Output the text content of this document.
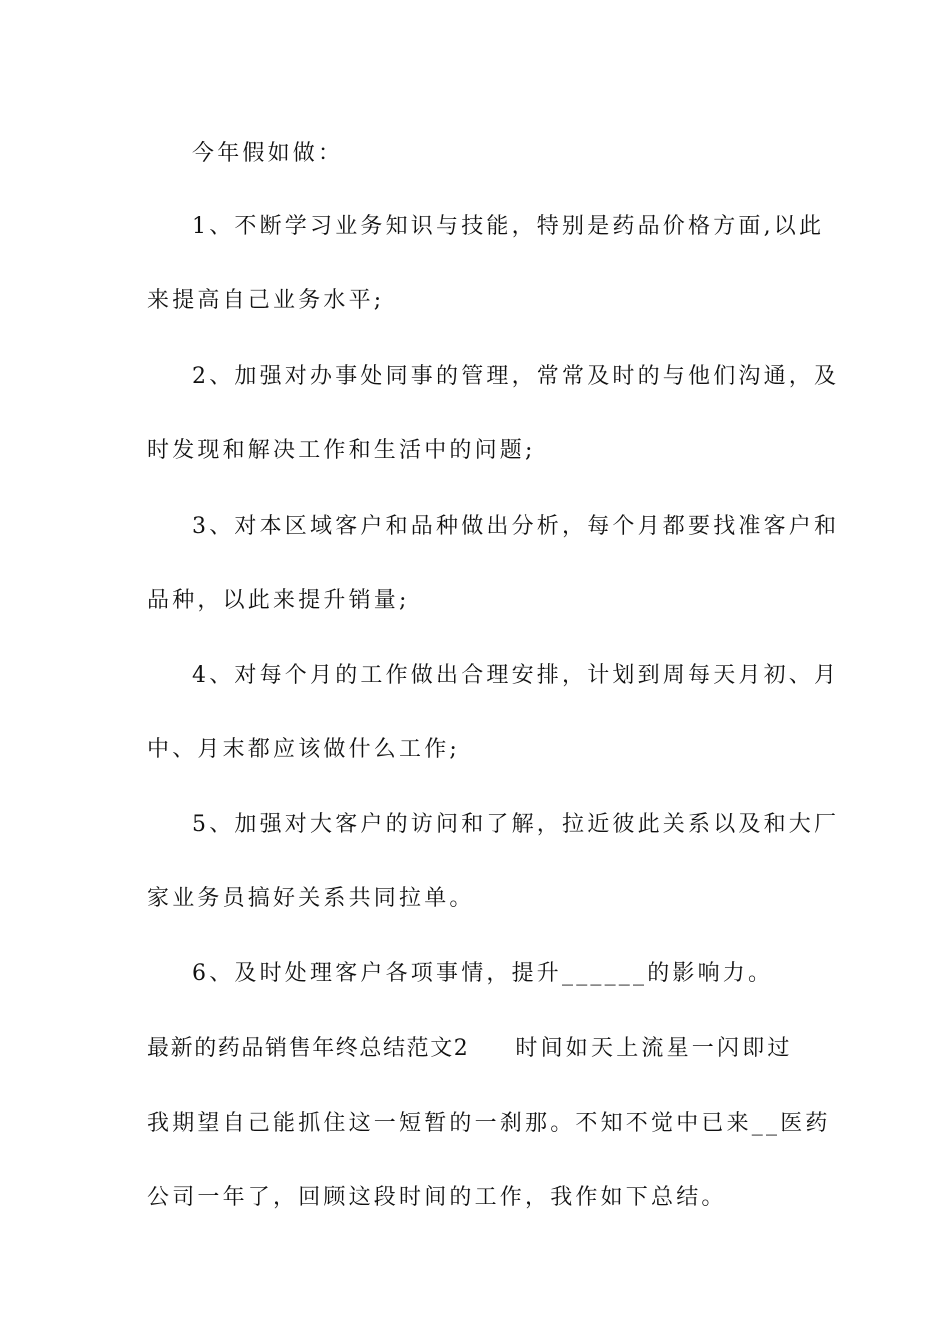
今年假如做：
1、不断学习业务知识与技能，特别是药品价格方面,以此
来提高自己业务水平;
2、加强对办事处同事的管理，常常及时的与他们沟通，及
时发现和解决工作和生活中的问题;
3、对本区域客户和品种做出分析，每个月都要找准客户和
品种，以此来提升销量;
4、对每个月的工作做出合理安排，计划到周每天月初、月
中、月末都应该做什么工作;
5、加强对大客户的访问和了解，拉近彼此关系以及和大厂
家业务员搞好关系共同拉单。
6、及时处理客户各项事情，提升______的影响力。
最新的药品销售年终总结范文2 时间如天上流星一闪即过
我期望自己能抓住这一短暂的一刹那。不知不觉中已来__医药
公司一年了，回顾这段时间的工作，我作如下总结。
